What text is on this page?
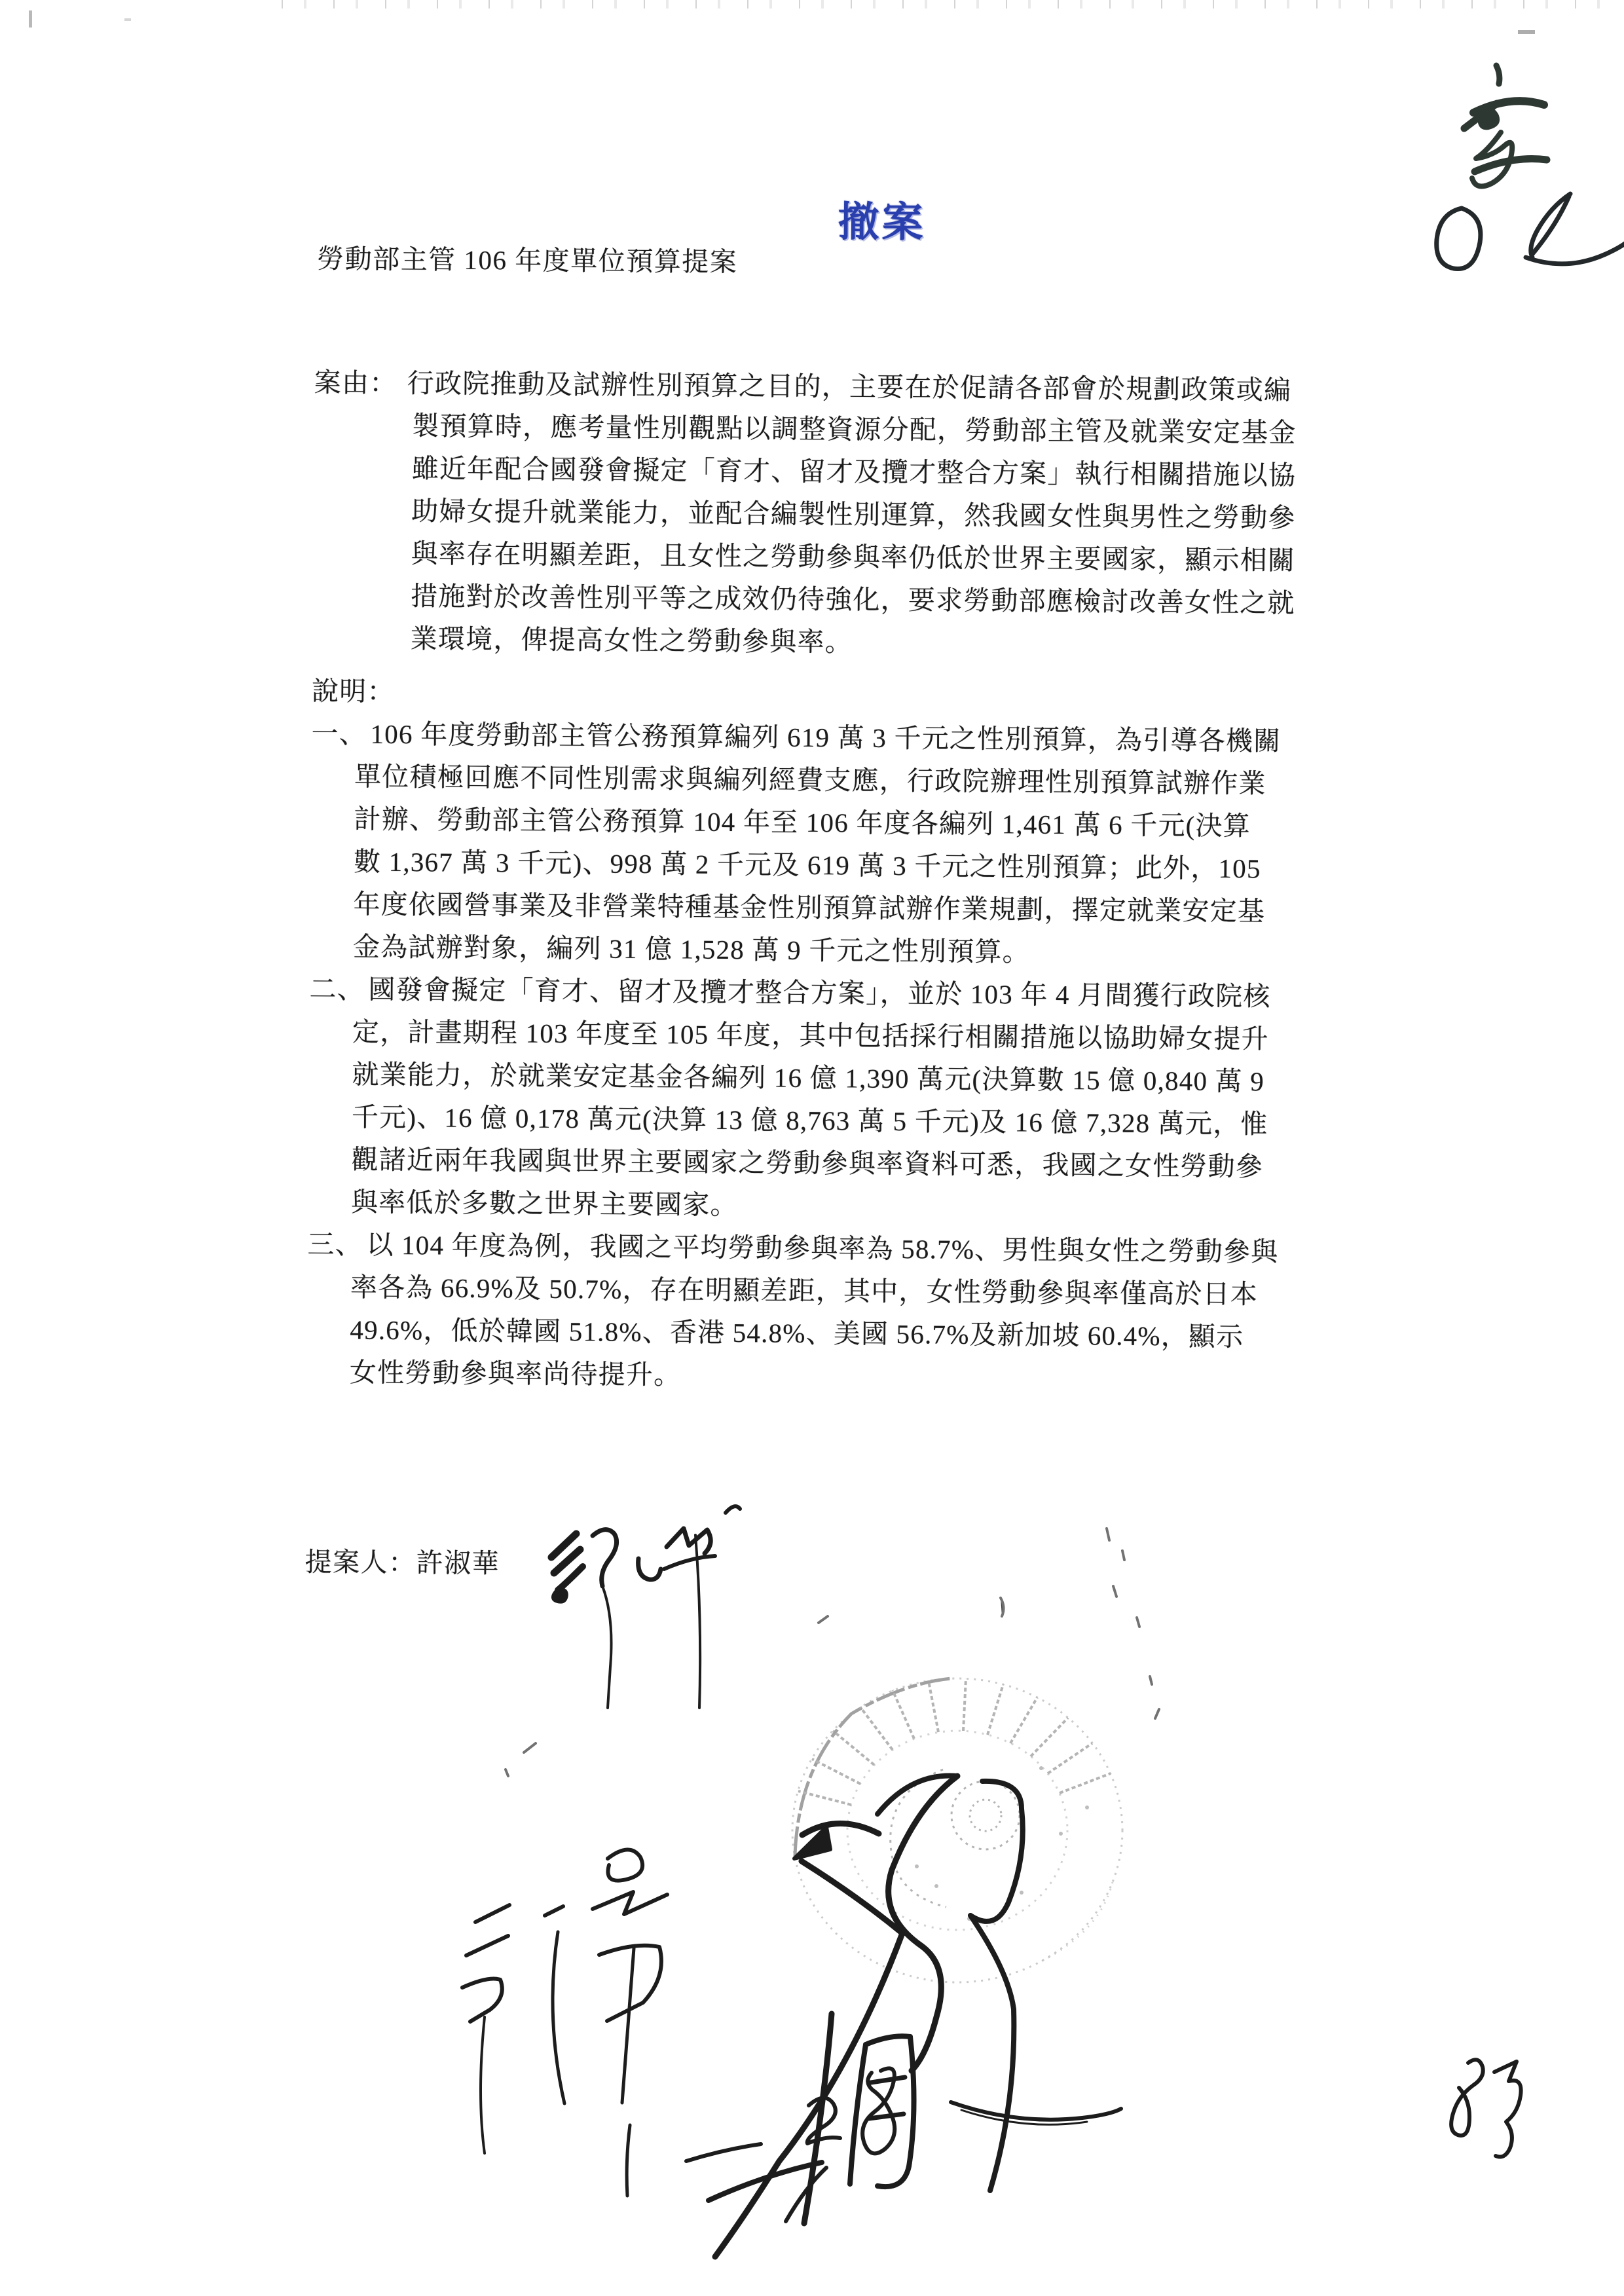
撤案
勞動部主管 106 年度單位預算提案
案由： 行政院推動及試辦性別預算之目的，主要在於促請各部會於規劃政策或編
製預算時，應考量性別觀點以調整資源分配，勞動部主管及就業安定基金
雖近年配合國發會擬定「育才、留才及攬才整合方案」執行相關措施以協
助婦女提升就業能力，並配合編製性別運算，然我國女性與男性之勞動參
與率存在明顯差距，且女性之勞動參與率仍低於世界主要國家，顯示相關
措施對於改善性別平等之成效仍待強化，要求勞動部應檢討改善女性之就
業環境，俾提高女性之勞動參與率。
說明：
一、 106 年度勞動部主管公務預算編列 619 萬 3 千元之性別預算，為引導各機關
單位積極回應不同性別需求與編列經費支應，行政院辦理性別預算試辦作業
計辦、勞動部主管公務預算 104 年至 106 年度各編列 1,461 萬 6 千元(決算
數 1,367 萬 3 千元)、998 萬 2 千元及 619 萬 3 千元之性別預算；此外，105
年度依國營事業及非營業特種基金性別預算試辦作業規劃，擇定就業安定基
金為試辦對象，編列 31 億 1,528 萬 9 千元之性別預算。
二、 國發會擬定「育才、留才及攬才整合方案」，並於 103 年 4 月間獲行政院核
定，計畫期程 103 年度至 105 年度，其中包括採行相關措施以協助婦女提升
就業能力，於就業安定基金各編列 16 億 1,390 萬元(決算數 15 億 0,840 萬 9
千元)、16 億 0,178 萬元(決算 13 億 8,763 萬 5 千元)及 16 億 7,328 萬元，惟
觀諸近兩年我國與世界主要國家之勞動參與率資料可悉，我國之女性勞動參
與率低於多數之世界主要國家。
三、 以 104 年度為例，我國之平均勞動參與率為 58.7%、男性與女性之勞動參與
率各為 66.9%及 50.7%，存在明顯差距，其中，女性勞動參與率僅高於日本
49.6%，低於韓國 51.8%、香港 54.8%、美國 56.7%及新加坡 60.4%，顯示
女性勞動參與率尚待提升。
提案人：許淑華
